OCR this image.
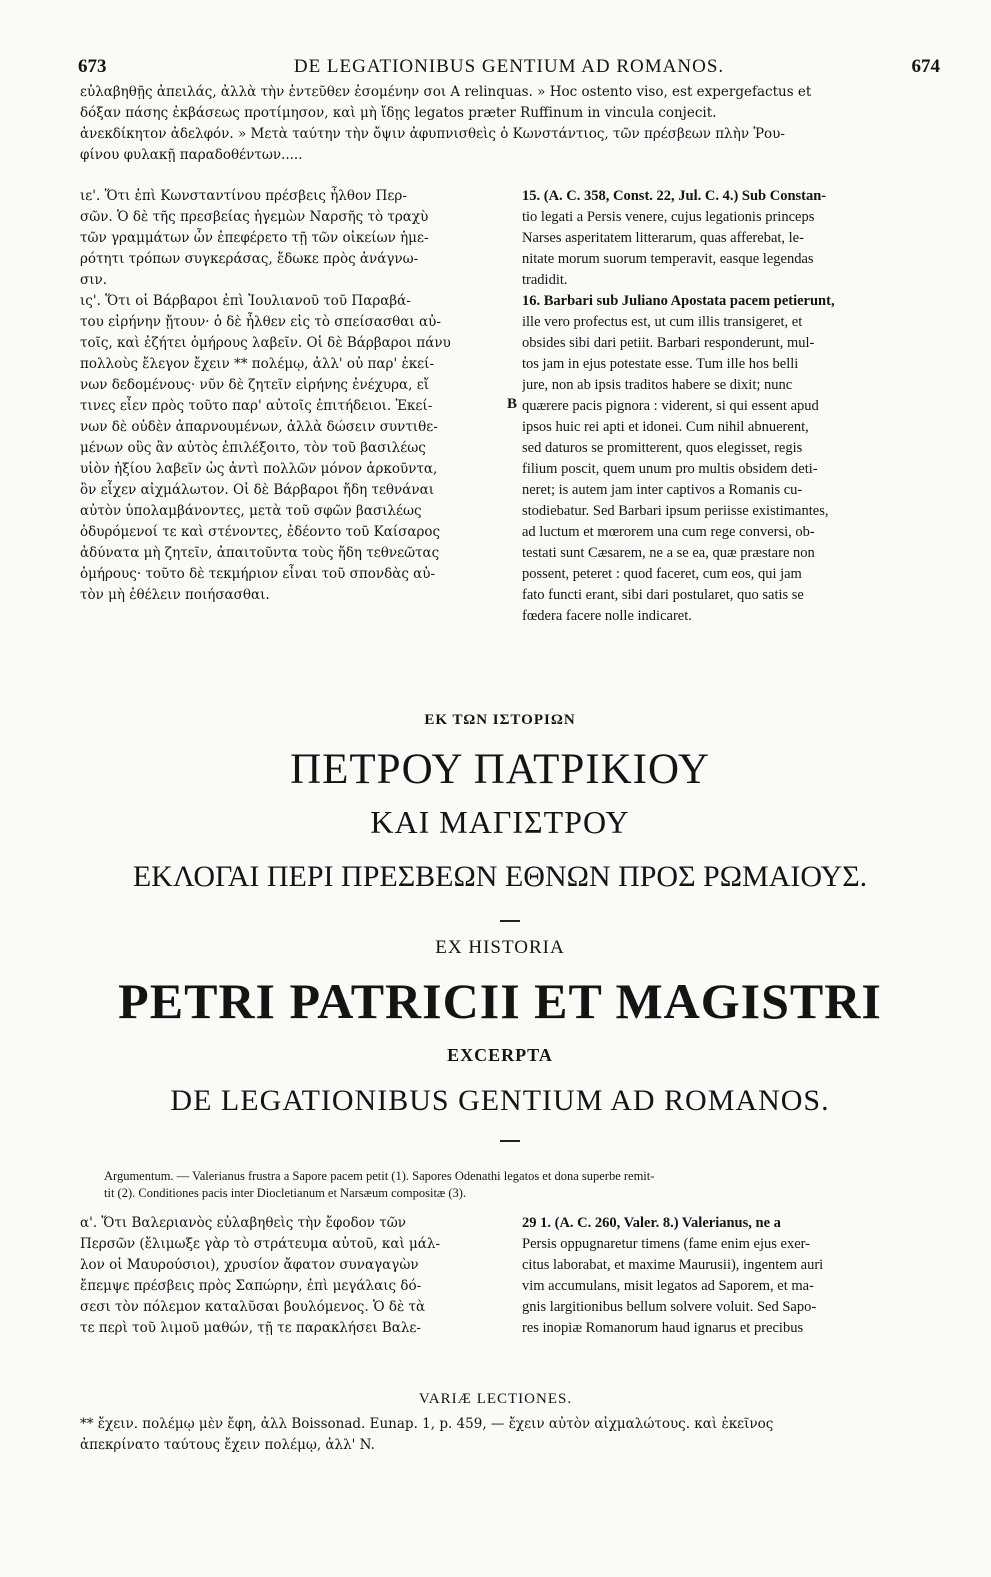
673	DE LEGATIONIBUS GENTIUM AD ROMANOS.	674
εὐλαβηθῇς ἀπειλάς, ἀλλὰ τὴν ἐντεῦθεν ἐσομένην σοι A relinquas. » Hoc ostento viso, est expergefactus et
δόξαν πάσης ἐκβάσεως προτίμησον, καὶ μὴ ἴδῃς legatos præter Ruffinum in vincula conjecit.
ἀνεκδίκητον ἀδελφόν. » Μετὰ ταύτην τὴν ὄψιν ἀφυπνισθεὶς ὁ Κωνστάντιος, τῶν πρέσβεων πλὴν Ῥου-
φίνου φυλακῇ παραδοθέντων.....
ιε'. Ὅτι ἐπὶ Κωνσταντίνου πρέσβεις ἦλθον Περ-
σῶν. Ὁ δὲ τῆς πρεσβείας ἡγεμὼν Ναρσῆς τὸ τραχὺ
τῶν γραμμάτων ὧν ἐπεφέρετο τῇ τῶν οἰκείων ἡμε-
ρότητι τρόπων συγκεράσας, ἔδωκε πρὸς ἀνάγνω-
σιν.
ις'. Ὅτι οἱ Βάρβαροι ἐπὶ Ἰουλιανοῦ τοῦ Παραβά-
του εἰρήνην ᾔτουν· ὁ δὲ ἦλθεν εἰς τὸ σπείσασθαι αὐ-
τοῖς, καὶ ἐζήτει ὁμήρους λαβεῖν. Οἱ δὲ Βάρβαροι πάνυ
πολλοὺς ἔλεγον ἔχειν ** πολέμῳ, ἀλλ' οὐ παρ' ἐκεί-
νων δεδομένους· νῦν δὲ ζητεῖν εἰρήνης ἐνέχυρα, εἴ
τινες εἶεν πρὸς τοῦτο παρ' αὐτοῖς ἐπιτήδειοι. Ἐκεί-
νων δὲ οὐδὲν ἀπαρνουμένων, ἀλλὰ δώσειν συντιθε-
μένων οὓς ἂν αὐτὸς ἐπιλέξοιτο, τὸν τοῦ βασιλέως
υἱὸν ἠξίου λαβεῖν ὡς ἀντὶ πολλῶν μόνον ἀρκοῦντα,
ὃν εἶχεν αἰχμάλωτον. Οἱ δὲ Βάρβαροι ἤδη τεθνάναι
αὐτὸν ὑπολαμβάνοντες, μετὰ τοῦ σφῶν βασιλέως
ὀδυρόμενοί τε καὶ στένοντες, ἐδέοντο τοῦ Καίσαρος
ἀδύνατα μὴ ζητεῖν, ἀπαιτοῦντα τοὺς ἤδη τεθνεῶτας
ὁμήρους· τοῦτο δὲ τεκμήριον εἶναι τοῦ σπονδὰς αὐ-
τὸν μὴ ἐθέλειν ποιήσασθαι.
B
15. (A. C. 358, Const. 22, Jul. C. 4.) Sub Constan-
tio legati a Persis venere, cujus legationis princeps
Narses asperitatem litterarum, quas afferebat, le-
nitate morum suorum temperavit, easque legendas
tradidit.
16. Barbari sub Juliano Apostata pacem petierunt,
ille vero profectus est, ut cum illis transigeret, et
obsides sibi dari petiit. Barbari responderunt, mul-
tos jam in ejus potestate esse. Tum ille hos belli
jure, non ab ipsis traditos habere se dixit; nunc
quærere pacis pignora : viderent, si qui essent apud
ipsos huic rei apti et idonei. Cum nihil abnuerent,
sed daturos se promitterent, quos elegisset, regis
filium poscit, quem unum pro multis obsidem deti-
neret; is autem jam inter captivos a Romanis cu-
stodiebatur. Sed Barbari ipsum periisse existimantes,
ad luctum et mœrorem una cum rege conversi, ob-
testati sunt Cæsarem, ne a se ea, quæ præstare non
possent, peteret : quod faceret, cum eos, qui jam
fato functi erant, sibi dari postularet, quo satis se
fœdera facere nolle indicaret.
ΕΚ ΤΩΝ ΙΣΤΟΡΙΩΝ
ΠΕΤΡΟΥ ΠΑΤΡΙΚΙΟΥ
ΚΑΙ ΜΑΓΙΣΤΡΟΥ
ΕΚΛΟΓΑΙ ΠΕΡΙ ΠΡΕΣΒΕΩΝ ΕΘΝΩΝ ΠΡΟΣ ΡΩΜΑΙΟΥΣ.
EX HISTORIA
PETRI PATRICII ET MAGISTRI
EXCERPTA
DE LEGATIONIBUS GENTIUM AD ROMANOS.
Argumentum. — Valerianus frustra a Sapore pacem petit (1). Sapores Odenathi legatos et dona superbe remit-
tit (2). Conditiones pacis inter Diocletianum et Narsæum compositæ (3).
α'. Ὅτι Βαλεριανὸς εὐλαβηθεὶς τὴν ἔφοδον τῶν
Περσῶν (ἔλιμωξε γὰρ τὸ στράτευμα αὐτοῦ, καὶ μάλ-
λον οἱ Μαυρούσιοι), χρυσίον ἄφατον συναγαγὼν
ἔπεμψε πρέσβεις πρὸς Σαπώρην, ἐπὶ μεγάλαις δό-
σεσι τὸν πόλεμον καταλῦσαι βουλόμενος. Ὁ δὲ τὰ
τε περὶ τοῦ λιμοῦ μαθών, τῇ τε παρακλήσει Βαλε-
29 1. (A. C. 260, Valer. 8.) Valerianus, ne a
Persis oppugnaretur timens (fame enim ejus exer-
citus laborabat, et maxime Maurusii), ingentem auri
vim accumulans, misit legatos ad Saporem, et ma-
gnis largitionibus bellum solvere voluit. Sed Sapo-
res inopiæ Romanorum haud ignarus et precibus
VARIÆ LECTIONES.
** ἔχειν. πολέμῳ μὲν ἔφη, ἀλλ Boissonad. Eunap. 1, p. 459, — ἔχειν αὐτὸν αἰχμαλώτους. καὶ ἐκεῖνος
ἀπεκρίνατο ταύτους ἔχειν πολέμῳ, ἀλλ' N.
